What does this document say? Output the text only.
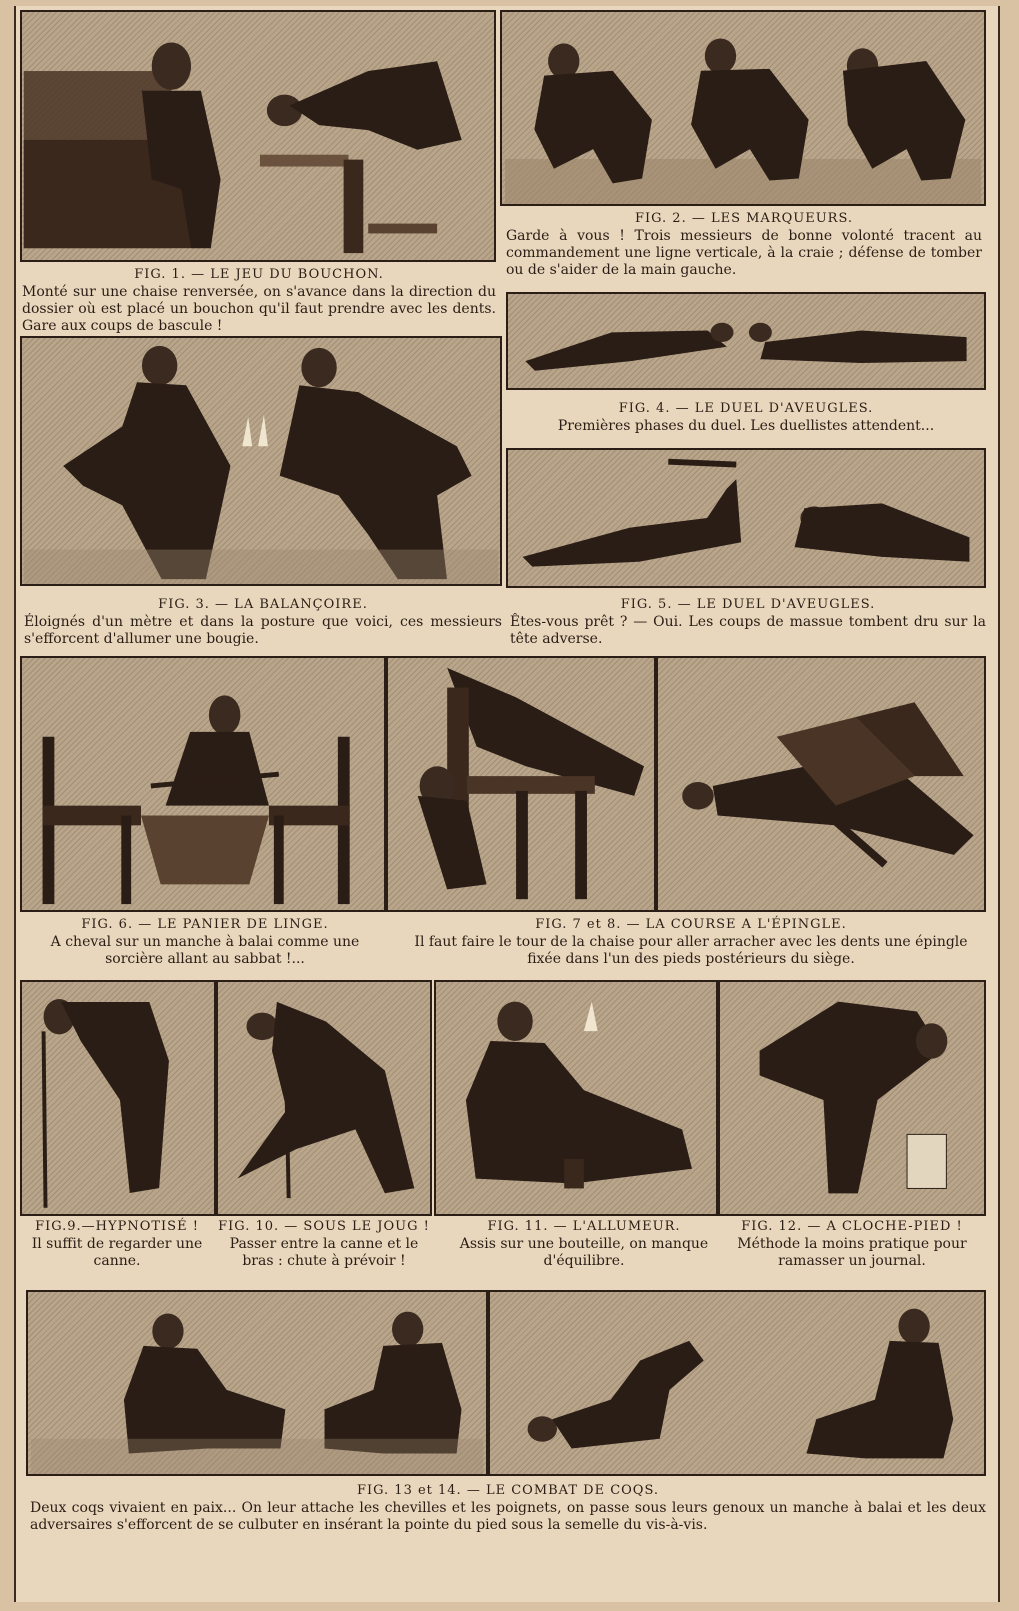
FIG. 2. — LES MARQUEURS.
Garde à vous ! Trois messieurs de bonne volonté tracent au commandement une ligne verticale, à la craie ; défense de tomber ou de s'aider de la main gauche.
FIG. 1. — LE JEU DU BOUCHON.
Monté sur une chaise renversée, on s'avance dans la direction du dossier où est placé un bouchon qu'il faut prendre avec les dents. Gare aux coups de bascule !
FIG. 4. — LE DUEL D'AVEUGLES.
Premières phases du duel. Les duellistes attendent...
FIG. 3. — LA BALANÇOIRE.
Éloignés d'un mètre et dans la posture que voici, ces messieurs s'efforcent d'allumer une bougie.
FIG. 5. — LE DUEL D'AVEUGLES.
Êtes-vous prêt ? — Oui. Les coups de massue tombent dru sur la tête adverse.
FIG. 6. — LE PANIER DE LINGE.
A cheval sur un manche à balai comme une sorcière allant au sabbat !...
FIG. 7 et 8. — LA COURSE A L'ÉPINGLE.
Il faut faire le tour de la chaise pour aller arracher avec les dents une épingle fixée dans l'un des pieds postérieurs du siège.
FIG.9.—HYPNOTISÉ !
Il suffit de regarder une canne.
FIG. 10. — SOUS LE JOUG !
Passer entre la canne et le bras : chute à prévoir !
FIG. 11. — L'ALLUMEUR.
Assis sur une bouteille, on manque d'équilibre.
FIG. 12. — A CLOCHE-PIED !
Méthode la moins pratique pour ramasser un journal.
FIG. 13 et 14. — LE COMBAT DE COQS.
Deux coqs vivaient en paix... On leur attache les chevilles et les poignets, on passe sous leurs genoux un manche à balai et les deux adversaires s'efforcent de se culbuter en insérant la pointe du pied sous la semelle du vis-à-vis.
